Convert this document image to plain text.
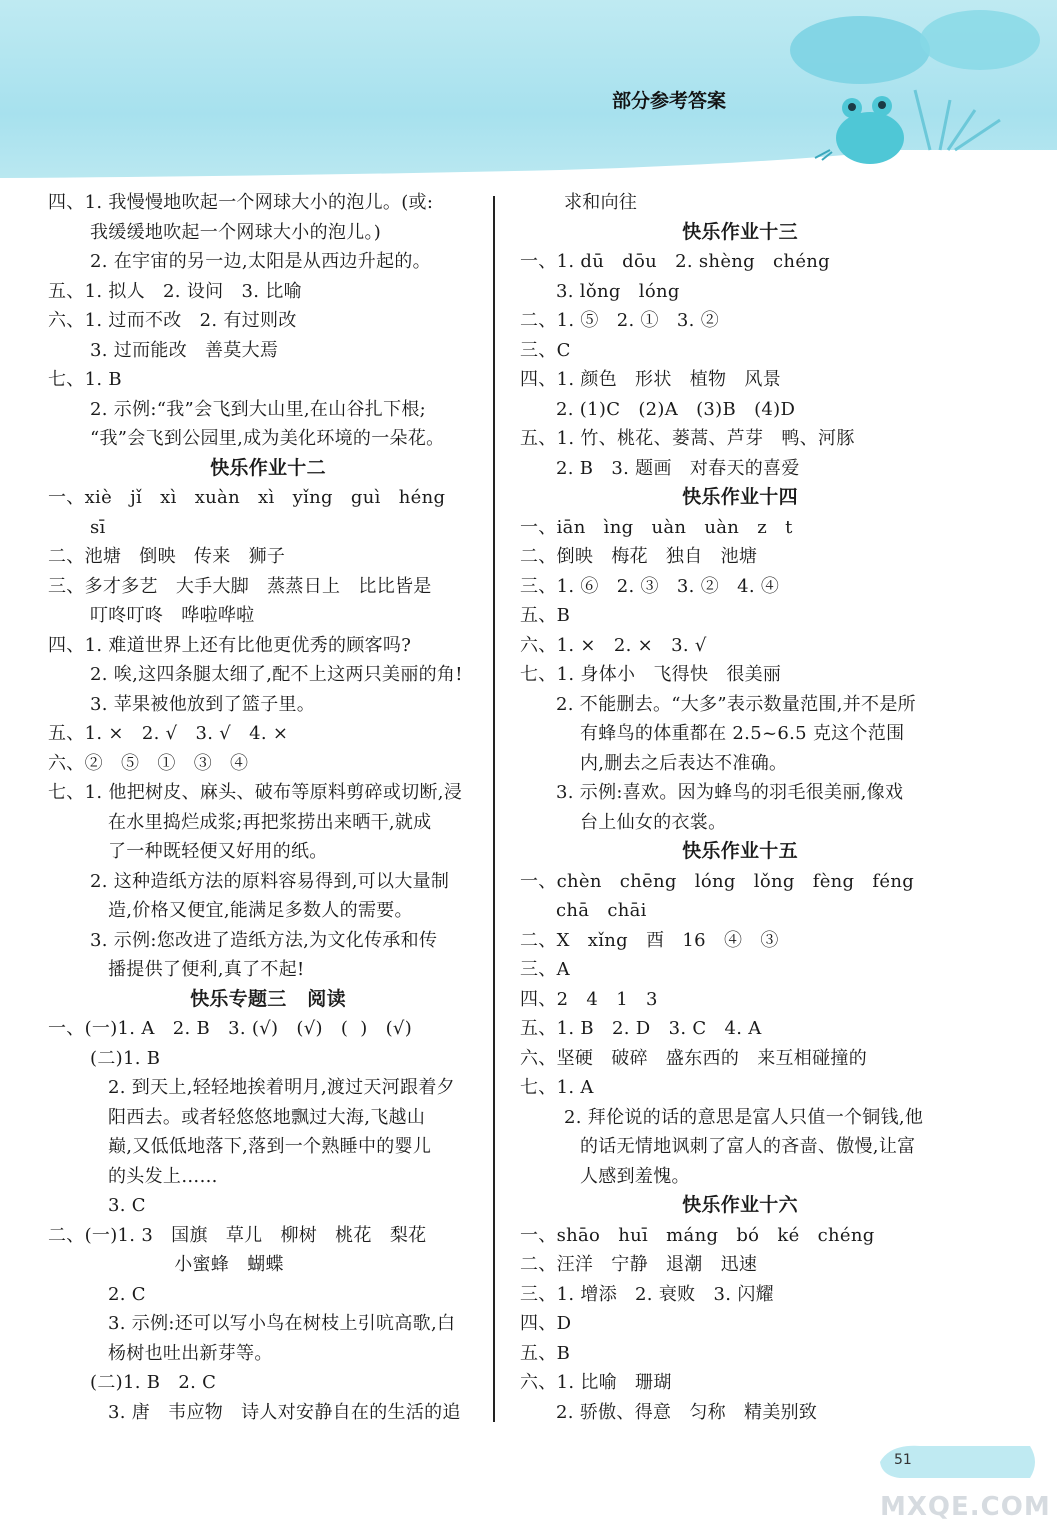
部分参考答案
四、1. 我慢慢地吹起一个网球大小的泡儿。(或:
我缓缓地吹起一个网球大小的泡儿。)
2. 在宇宙的另一边,太阳是从西边升起的。
五、1. 拟人   2. 设问   3. 比喻
六、1. 过而不改   2. 有过则改
3. 过而能改   善莫大焉
七、1. B
2. 示例:“我”会飞到大山里,在山谷扎下根;
“我”会飞到公园里,成为美化环境的一朵花。
快乐作业十二
一、xiè   jǐ   xì   xuàn   xì   yǐng   guì   héng
sī
二、池塘   倒映   传来   狮子
三、多才多艺   大手大脚   蒸蒸日上   比比皆是
叮咚叮咚   哗啦哗啦
四、1. 难道世界上还有比他更优秀的顾客吗?
2. 唉,这四条腿太细了,配不上这两只美丽的角!
3. 苹果被他放到了篮子里。
五、1. ×   2. √   3. √   4. ×
六、②   ⑤   ①   ③   ④
七、1. 他把树皮、麻头、破布等原料剪碎或切断,浸
在水里捣烂成浆;再把浆捞出来晒干,就成
了一种既轻便又好用的纸。
2. 这种造纸方法的原料容易得到,可以大量制
造,价格又便宜,能满足多数人的需要。
3. 示例:您改进了造纸方法,为文化传承和传
播提供了便利,真了不起!
快乐专题三   阅读
一、(一)1. A   2. B   3. (√)   (√)   (  )   (√)
(二)1. B
2. 到天上,轻轻地挨着明月,渡过天河跟着夕
阳西去。或者轻悠悠地飘过大海,飞越山
巅,又低低地落下,落到一个熟睡中的婴儿
的头发上……
3. C
二、(一)1. 3   国旗   草儿   柳树   桃花   梨花
小蜜蜂   蝴蝶
2. C
3. 示例:还可以写小鸟在树枝上引吭高歌,白
杨树也吐出新芽等。
(二)1. B   2. C
3. 唐   韦应物   诗人对安静自在的生活的追
求和向往
快乐作业十三
一、1. dū   dōu   2. shèng   chéng
3. lǒng   lóng
二、1. ⑤   2. ①   3. ②
三、C
四、1. 颜色   形状   植物   风景
2. (1)C   (2)A   (3)B   (4)D
五、1. 竹、桃花、蒌蒿、芦芽   鸭、河豚
2. B   3. 题画   对春天的喜爱
快乐作业十四
一、iān   ìng   uàn   uàn   z   t
二、倒映   梅花   独自   池塘
三、1. ⑥   2. ③   3. ②   4. ④
五、B
六、1. ×   2. ×   3. √
七、1. 身体小   飞得快   很美丽
2. 不能删去。“大多”表示数量范围,并不是所
有蜂鸟的体重都在 2.5~6.5 克这个范围
内,删去之后表达不准确。
3. 示例:喜欢。因为蜂鸟的羽毛很美丽,像戏
台上仙女的衣裳。
快乐作业十五
一、chèn   chēng   lóng   lǒng   fèng   féng
chā   chāi
二、X   xǐng   酉   16   ④   ③
三、A
四、2   4   1   3
五、1. B   2. D   3. C   4. A
六、坚硬   破碎   盛东西的   来互相碰撞的
七、1. A
2. 拜伦说的话的意思是富人只值一个铜钱,他
的话无情地讽刺了富人的吝啬、傲慢,让富
人感到羞愧。
快乐作业十六
一、shāo   huī   máng   bó   ké   chéng
二、汪洋   宁静   退潮   迅速
三、1. 增添   2. 衰败   3. 闪耀
四、D
五、B
六、1. 比喻   珊瑚
2. 骄傲、得意   匀称   精美别致
51
MXQE.COM
